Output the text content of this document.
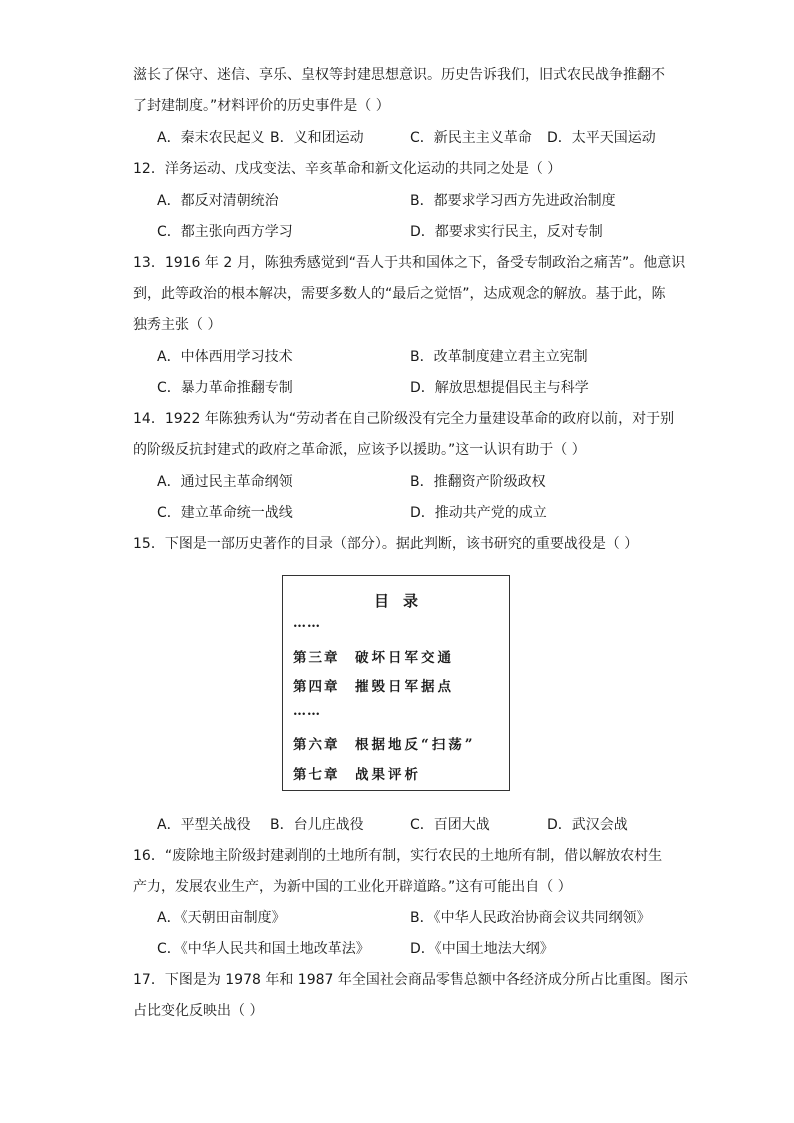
滋长了保守、迷信、享乐、皇权等封建思想意识。历史告诉我们，旧式农民战争推翻不
了封建制度。”材料评价的历史事件是（ ）
A．秦末农民起义 B．义和团运动	C．新民主主义革命 D．太平天国运动
12．洋务运动、戊戌变法、辛亥革命和新文化运动的共同之处是（ ）
A．都反对清朝统治	B．都要求学习西方先进政治制度
C．都主张向西方学习	D．都要求实行民主，反对专制
13．1916 年 2 月，陈独秀感觉到“吾人于共和国体之下，备受专制政治之痛苦”。他意识
到，此等政治的根本解决，需要多数人的“最后之觉悟”，达成观念的解放。基于此，陈
独秀主张（ ）
A．中体西用学习技术	B．改革制度建立君主立宪制
C．暴力革命推翻专制	D．解放思想提倡民主与科学
14．1922 年陈独秀认为“劳动者在自己阶级没有完全力量建设革命的政府以前，对于别
的阶级反抗封建式的政府之革命派，应该予以援助。”这一认识有助于（ ）
A．通过民主革命纲领	B．推翻资产阶级政权
C．建立革命统一战线	D．推动共产党的成立
15．下图是一部历史著作的目录（部分）。据此判断，该书研究的重要战役是（ ）
目录
……
第三章 破坏日军交通
第四章 摧毁日军据点
……
第六章 根据地反“扫荡”
第七章 战果评析
A．平型关战役 B．台儿庄战役	C．百团大战	D．武汉会战
16．“废除地主阶级封建剥削的土地所有制，实行农民的土地所有制，借以解放农村生
产力，发展农业生产，为新中国的工业化开辟道路。”这有可能出自（ ）
A．《天朝田亩制度》	B．《中华人民政治协商会议共同纲领》
C．《中华人民共和国土地改革法》	D．《中国土地法大纲》
17．下图是为 1978 年和 1987 年全国社会商品零售总额中各经济成分所占比重图。图示
占比变化反映出（ ）
